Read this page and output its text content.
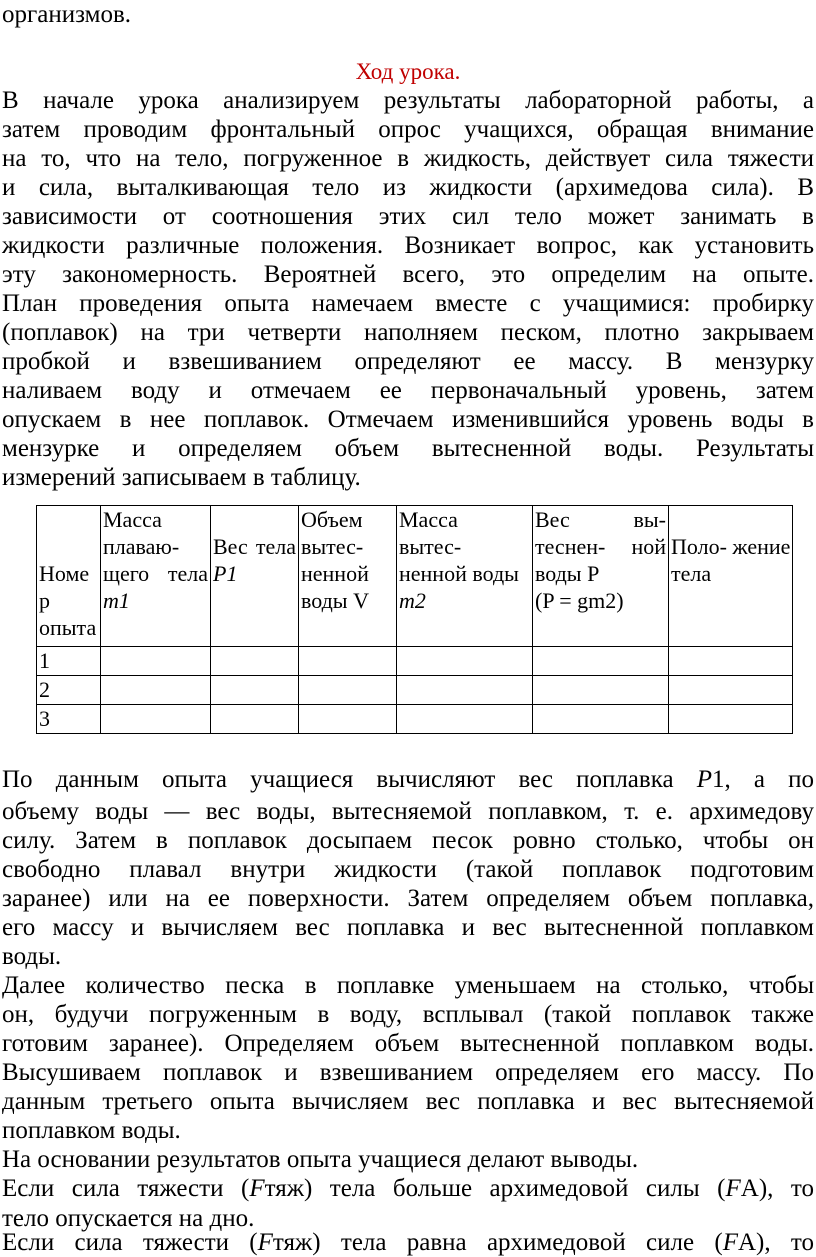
организмов.
Ход урока.
В начале урока анализируем результаты лабораторной работы, а
затем проводим фронтальный опрос учащихся, обращая внимание
на то, что на тело, погруженное в жидкость, действует сила тяжести
и сила, выталкивающая тело из жидкости (архимедова сила). В
зависимости от соотношения этих сил тело может занимать в
жидкости различные положения. Возникает вопрос, как установить
эту закономерность. Вероятней всего, это определим на опыте.
План проведения опыта намечаем вместе с учащимися: пробирку
(поплавок) на три четверти наполняем песком, плотно закрываем
пробкой и взвешиванием определяют ее массу. В мензурку
наливаем воду и отмечаем ее первоначальный уровень, затем
опускаем в нее поплавок. Отмечаем изменившийся уровень воды в
мензурке и определяем объем вытесненной воды. Результаты
измерений записываем в таблицу.
Номе
р
опыта	Масса
плаваю-
щего тела
m1	Вес тела
P1	Объем
вытес-
ненной
воды V	Масса
вытес-
ненной воды
m2	Вес вы-
теснен- ной
воды P
(P = gm2)	Поло- жение
тела

1						
2						
3						
По данным опыта учащиеся вычисляют вес поплавка P1, а по
объему воды — вес воды, вытесняемой поплавком, т. е. архимедову
силу. Затем в поплавок досыпаем песок ровно столько, чтобы он
свободно плавал внутри жидкости (такой поплавок подготовим
заранее) или на ее поверхности. Затем определяем объем поплавка,
его массу и вычисляем вес поплавка и вес вытесненной поплавком
воды.
Далее количество песка в поплавке уменьшаем на столько, чтобы
он, будучи погруженным в воду, всплывал (такой поплавок также
готовим заранее). Определяем объем вытесненной поплавком воды.
Высушиваем поплавок и взвешиванием определяем его массу. По
данным третьего опыта вычисляем вес поплавка и вес вытесняемой
поплавком воды.
На основании результатов опыта учащиеся делают выводы.
Если сила тяжести (Fтяж) тела больше архимедовой силы (FA), то
тело опускается на дно.
Если сила тяжести (Fтяж) тела равна архимедовой силе (FA), то
